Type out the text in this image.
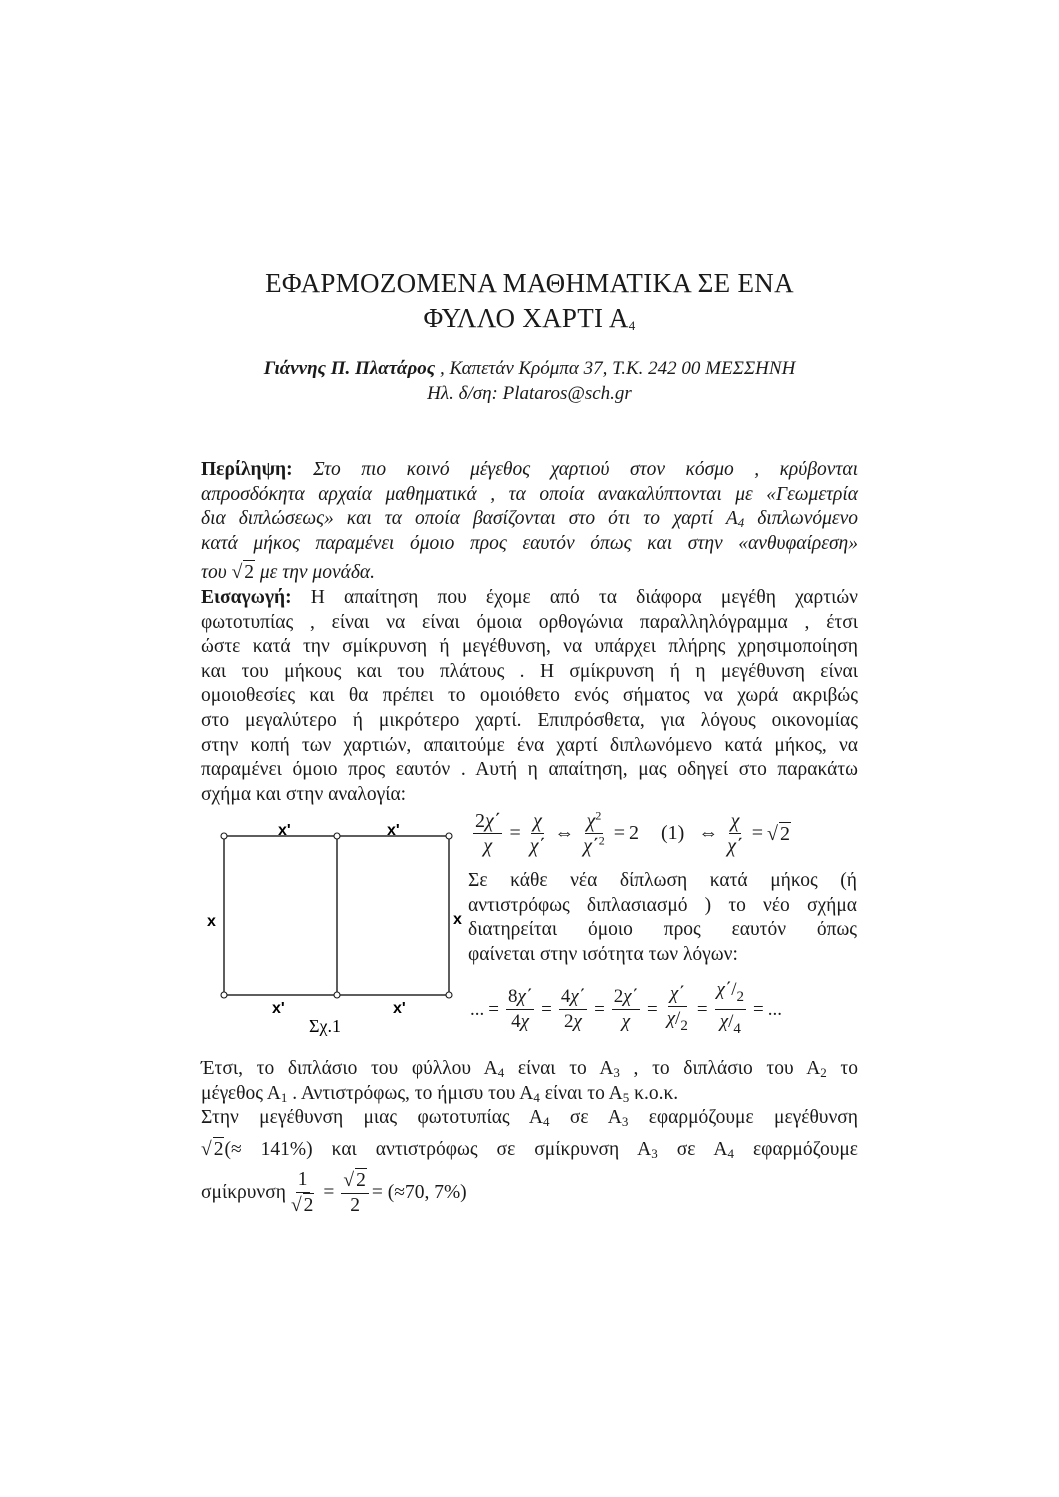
ΕΦΑΡΜΟΖΟΜΕΝΑ ΜΑΘΗΜΑΤΙΚΑ ΣΕ ΕΝΑ
ΦΥΛΛΟ ΧΑΡΤΙ $A_4$
Γιάννης Π. Πλατάρος , Καπετάν Κρόμπα 37, Τ.Κ. 242 00 ΜΕΣΣΗΝΗ
Ηλ. δ/ση: Plataros@sch.gr
Περίληψη: Στο πιο κοινό μέγεθος χαρτιού στον κόσμο , κρύβονται
απροσδόκητα αρχαία μαθηματικά , τα οποία ανακαλύπτονται με «Γεωμετρία
δια διπλώσεως» και τα οποία βασίζονται στο ότι το χαρτί $A_4$ διπλωνόμενο
κατά μήκος παραμένει όμοιο προς εαυτόν όπως και στην «ανθυφαίρεση»
του √ 2 με την μονάδα.
Εισαγωγή: Η απαίτηση που έχομε από τα διάφορα μεγέθη χαρτιών
φωτοτυπίας , είναι να είναι όμοια ορθογώνια παραλληλόγραμμα , έτσι
ώστε κατά την σμίκρυνση ή μεγέθυνση, να υπάρχει πλήρης χρησιμοποίηση
και του μήκους και του πλάτους . Η σμίκρυνση ή η μεγέθυνση είναι
ομοιοθεσίες και θα πρέπει το ομοιόθετο ενός σήματος να χωρά ακριβώς
στο μεγαλύτερο ή μικρότερο χαρτί. Επιπρόσθετα, για λόγους οικονομίας
στην κοπή των χαρτιών, απαιτούμε ένα χαρτί διπλωνόμενο κατά μήκος, να
παραμένει όμοιο προς εαυτόν . Αυτή η απαίτηση, μας οδηγεί στο παρακάτω
σχήμα και στην αναλογία:
x'	x'
x'	x'
x	x
Σχ.1
$\frac{2\chi΄}{\chi} = \frac{\chi}{\chi΄}$ ⇔ $\frac{\chi^2}{\chi΄^2} = 2$ (1) ⇔ $\frac{\chi}{\chi΄}$ = √ 2
Σε κάθε νέα δίπλωση κατά μήκος (ή
αντιστρόφως διπλασιασμό ) το νέο σχήμα
διατηρείται όμοιο προς εαυτόν όπως
φαίνεται στην ισότητα των λόγων:
... = $\frac{8\chi΄}{4\chi} = \frac{4\chi΄}{2\chi} = \frac{2\chi΄}{\chi} = \frac{\chi΄}{\chi/_2} = \frac{\chi΄/_2}{\chi/_4}$ = ...
Έτσι, το διπλάσιο του φύλλου $A_4$ είναι το $A_3$ , το διπλάσιο του $A_2$ το
μέγεθος $A_1$ . Αντιστρόφως, το ήμισυ του $A_4$ είναι το $A_5$ κ.ο.κ.
Στην μεγέθυνση μιας φωτοτυπίας $A_4$ σε $A_3$ εφαρμόζουμε μεγέθυνση
√ 2(≈ 141%) και αντιστρόφως σε σμίκρυνση $A_3$ σε $A_4$ εφαρμόζουμε
σμίκρυνση $\frac{1}{√ 2} = \frac{√ 2}{2}$ = ( ≈ 70, 7%)
